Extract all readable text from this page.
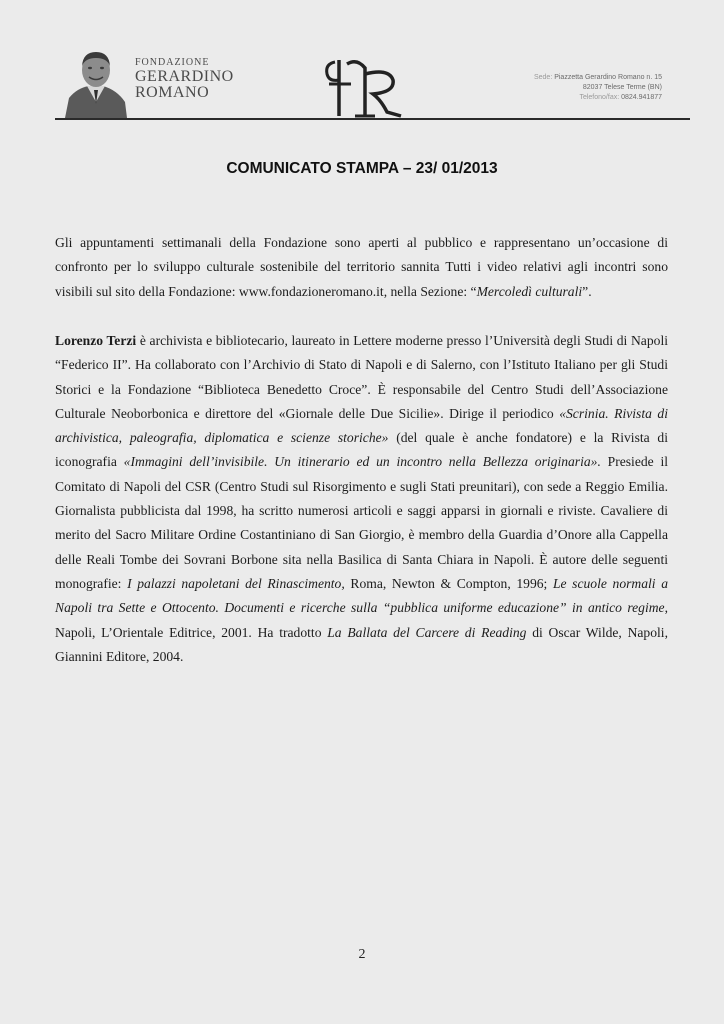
FONDAZIONE
GERARDINO
ROMANO
Sede: Piazzetta Gerardino Romano n. 15
82037 Telese Terme (BN)
Telefono/fax: 0824.941877
COMUNICATO STAMPA – 23/ 01/2013
Gli appuntamenti settimanali della Fondazione sono aperti al pubblico e rappresentano un’occasione di confronto per lo sviluppo culturale sostenibile del territorio sannita Tutti i video relativi agli incontri sono visibili sul sito della Fondazione: www.fondazioneromano.it, nella Sezione: “Mercoledì culturali”.
Lorenzo Terzi è archivista e bibliotecario, laureato in Lettere moderne presso l’Università degli Studi di Napoli “Federico II”. Ha collaborato con l’Archivio di Stato di Napoli e di Salerno, con l’Istituto Italiano per gli Studi Storici e la Fondazione “Biblioteca Benedetto Croce”. È responsabile del Centro Studi dell’Associazione Culturale Neoborbonica e direttore del «Giornale delle Due Sicilie». Dirige il periodico «Scrinia. Rivista di archivistica, paleografia, diplomatica e scienze storiche» (del quale è anche fondatore) e la Rivista di iconografia «Immagini dell’invisibile. Un itinerario ed un incontro nella Bellezza originaria». Presiede il Comitato di Napoli del CSR (Centro Studi sul Risorgimento e sugli Stati preunitari), con sede a Reggio Emilia. Giornalista pubblicista dal 1998, ha scritto numerosi articoli e saggi apparsi in giornali e riviste. Cavaliere di merito del Sacro Militare Ordine Costantiniano di San Giorgio, è membro della Guardia d’Onore alla Cappella delle Reali Tombe dei Sovrani Borbone sita nella Basilica di Santa Chiara in Napoli. È autore delle seguenti monografie: I palazzi napoletani del Rinascimento, Roma, Newton & Compton, 1996; Le scuole normali a Napoli tra Sette e Ottocento. Documenti e ricerche sulla “pubblica uniforme educazione” in antico regime, Napoli, L’Orientale Editrice, 2001. Ha tradotto La Ballata del Carcere di Reading di Oscar Wilde, Napoli, Giannini Editore, 2004.
2
